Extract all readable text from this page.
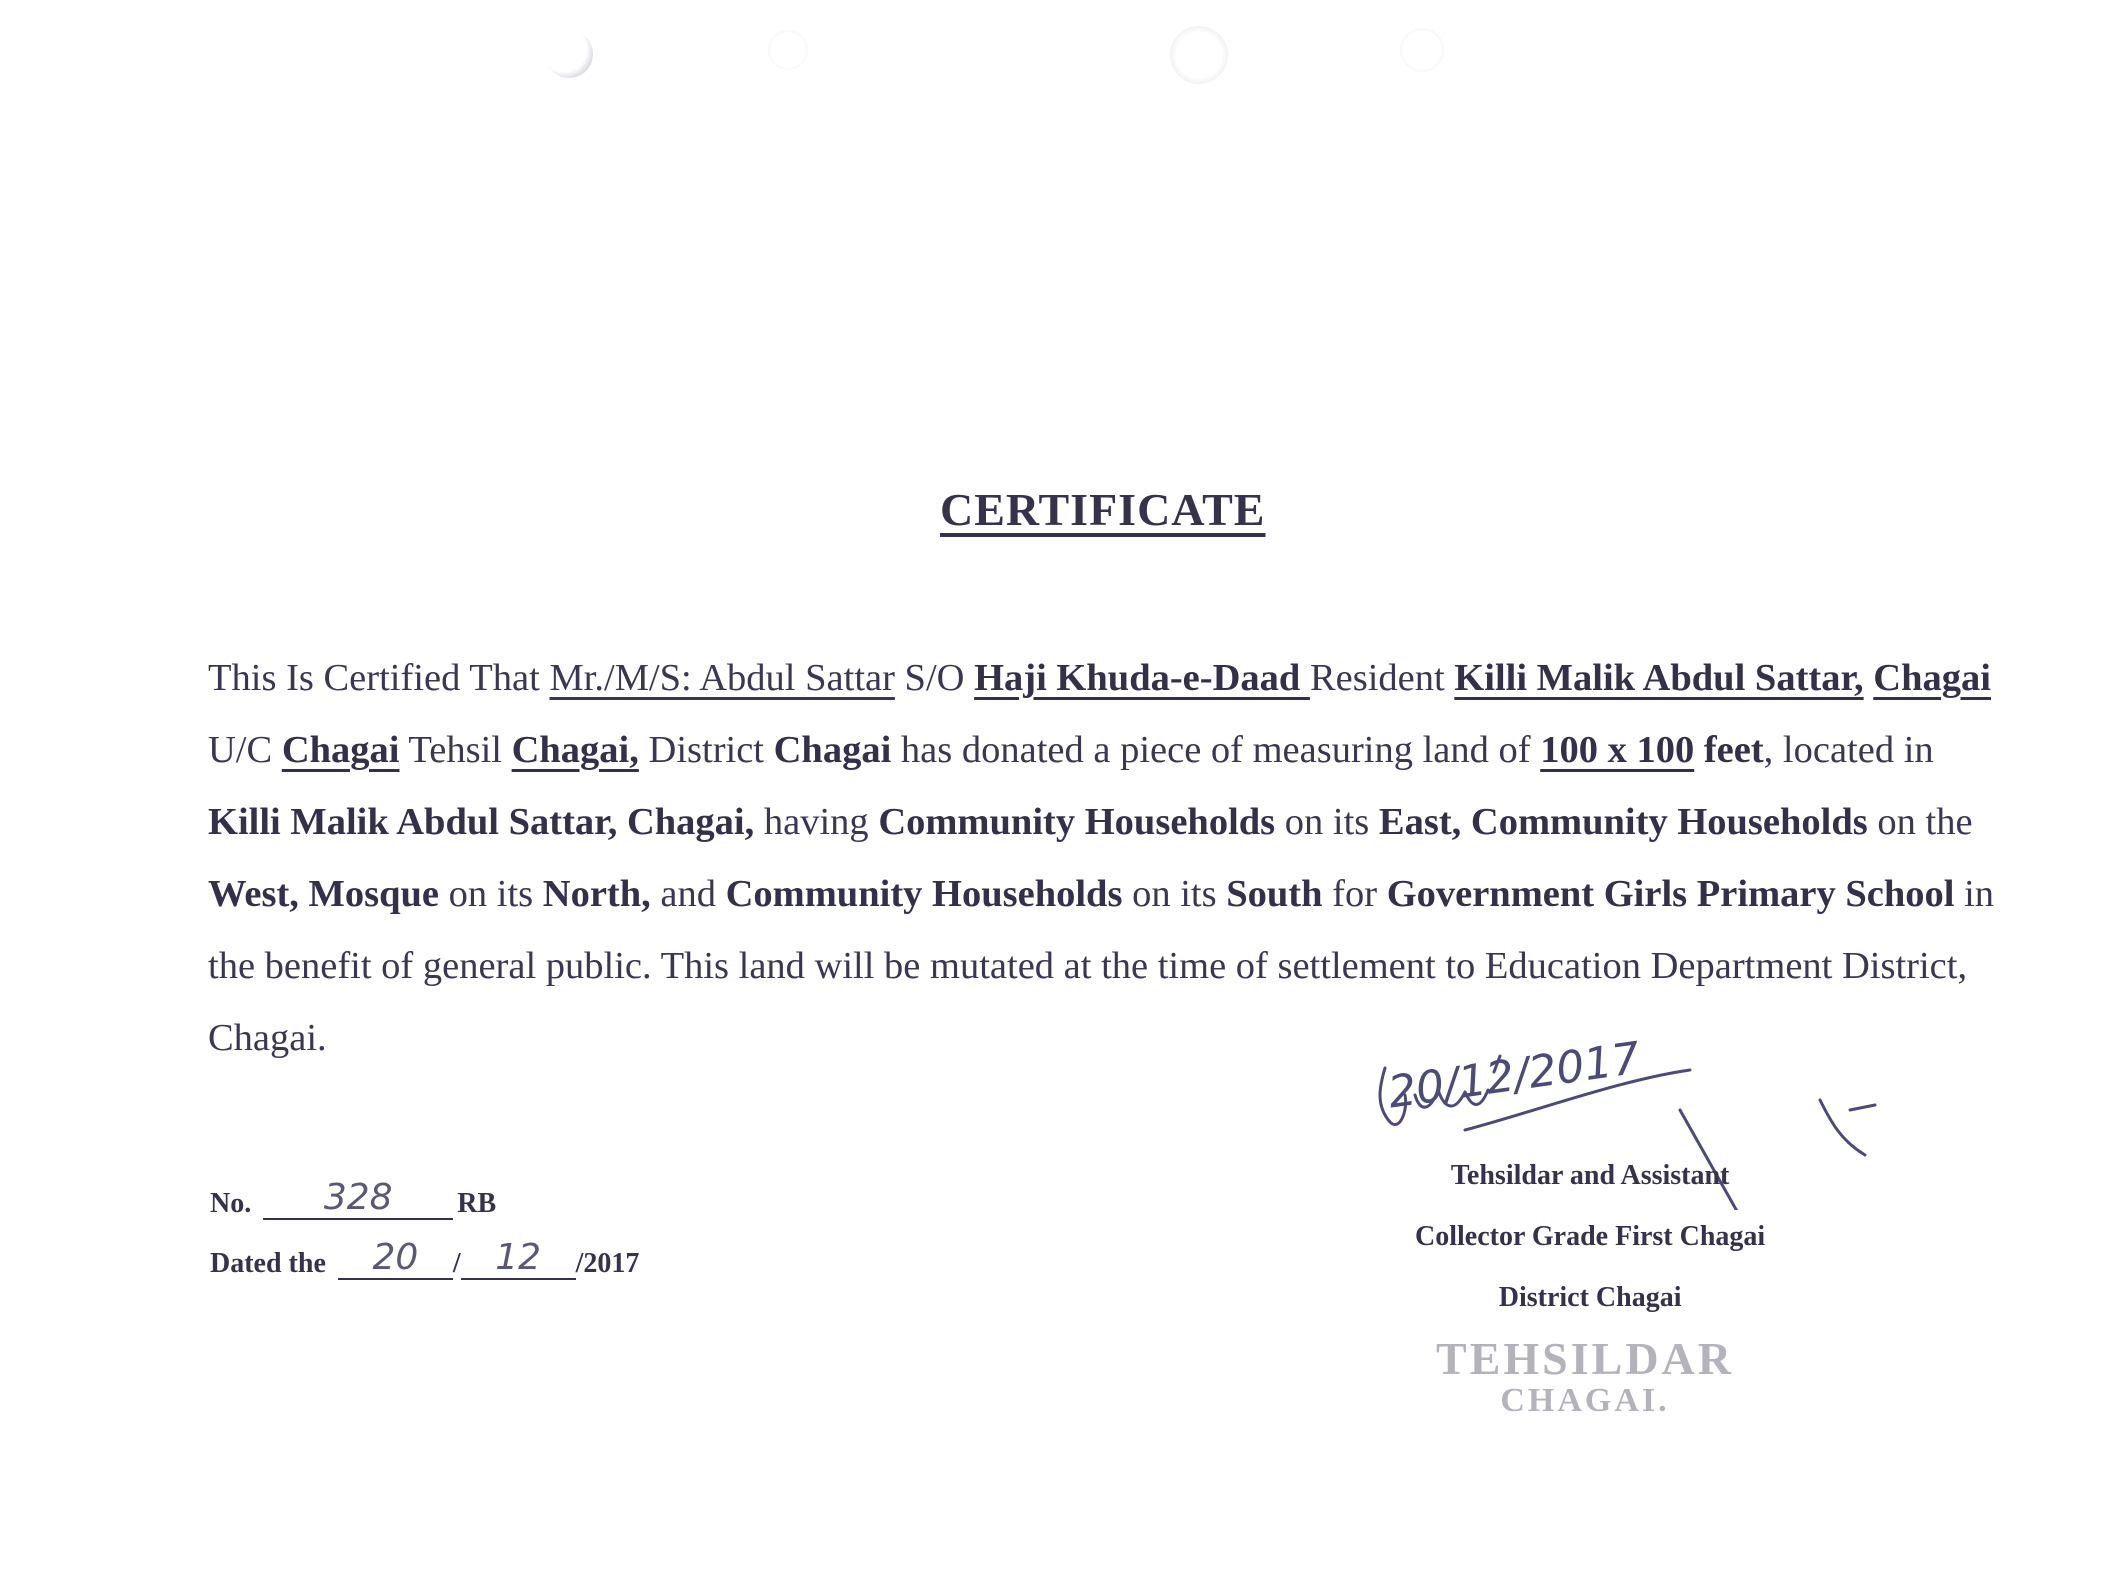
CERTIFICATE
This Is Certified That Mr./M/S: Abdul Sattar S/O Haji Khuda-e-Daad Resident Killi Malik Abdul Sattar, Chagai U/C Chagai Tehsil Chagai, District Chagai has donated a piece of measuring land of 100 x 100 feet, located in Killi Malik Abdul Sattar, Chagai, having Community Households on its East, Community Households on the West, Mosque on its North, and Community Households on its South for Government Girls Primary School in the benefit of general public. This land will be mutated at the time of settlement to Education Department District, Chagai.
No.	328	RB
Dated the	20	/ 12	/2017
20/12/2017
Tehsildar and Assistant
Collector Grade First Chagai
District Chagai
TEHSILDAR
CHAGAI.
